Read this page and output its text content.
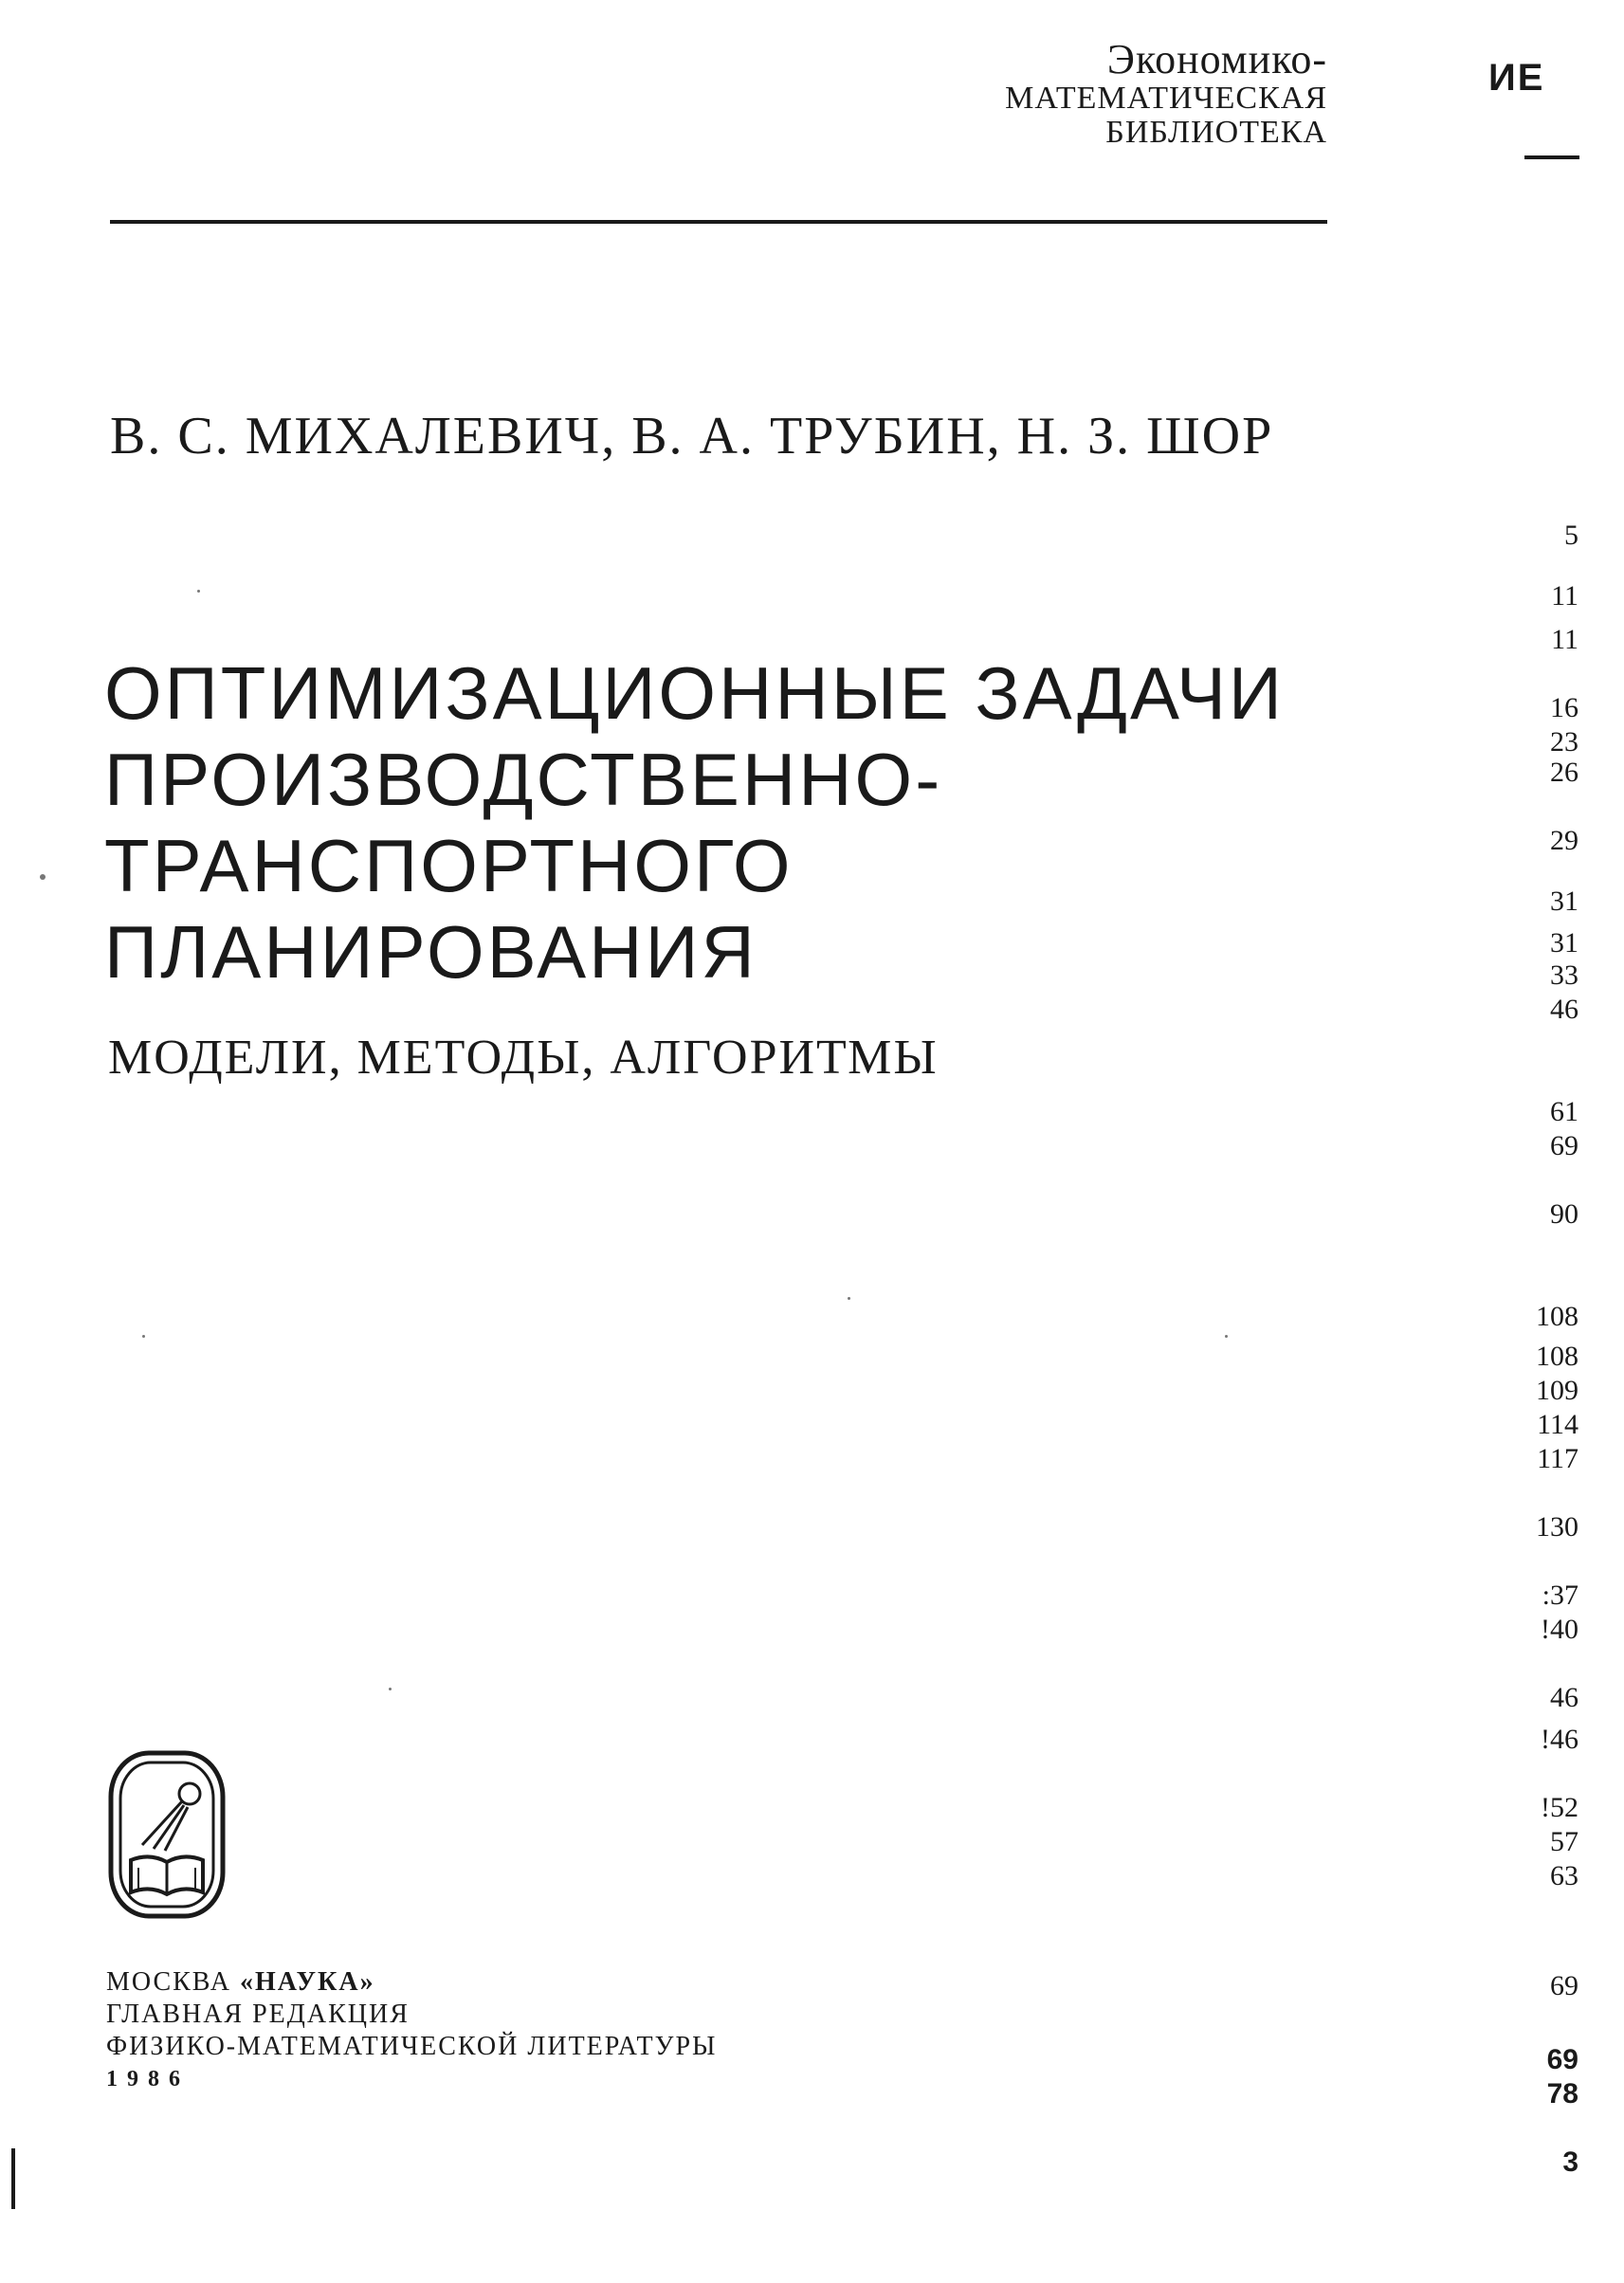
Экономико-
МАТЕМАТИЧЕСКАЯ
БИБЛИОТЕКА
ИЕ
5
11
11
16
23
26
29
31
31
33
46
61
69
90
108
108
109
114
117
130
:37
!40
46
!46
!52
57
63
69
69
78
3
В. С. МИХАЛЕВИЧ, В. А. ТРУБИН, Н. З. ШОР
ОПТИМИЗАЦИОННЫЕ ЗАДАЧИ
ПРОИЗВОДСТВЕННО-
ТРАНСПОРТНОГО
ПЛАНИРОВАНИЯ
МОДЕЛИ, МЕТОДЫ, АЛГОРИТМЫ
МОСКВА «НАУКА»
ГЛАВНАЯ РЕДАКЦИЯ
ФИЗИКО-МАТЕМАТИЧЕСКОЙ ЛИТЕРАТУРЫ
1986
